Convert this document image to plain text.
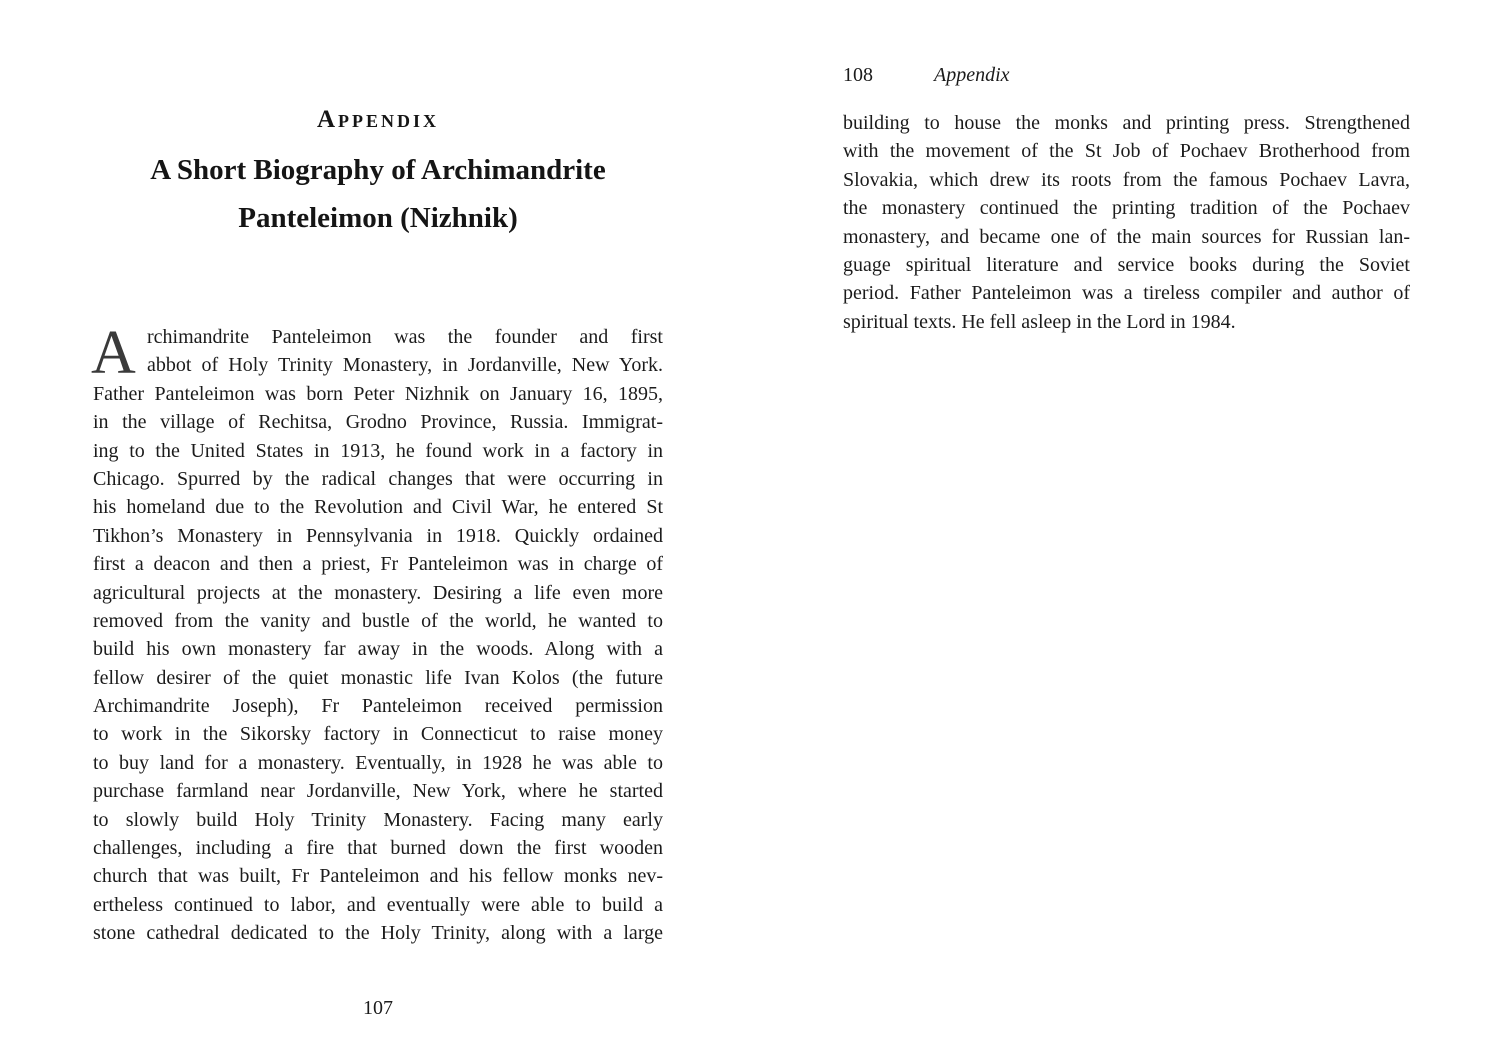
Appendix
A Short Biography of Archimandrite
Panteleimon (Nizhnik)
A rchimandrite Panteleimon was the founder and first
abbot of Holy Trinity Monastery, in Jordanville, New York.
Father Panteleimon was born Peter Nizhnik on January 16, 1895,
in the village of Rechitsa, Grodno Province, Russia. Immigrat-
ing to the United States in 1913, he found work in a factory in
Chicago. Spurred by the radical changes that were occurring in
his homeland due to the Revolution and Civil War, he entered St
Tikhon’s Monastery in Pennsylvania in 1918. Quickly ordained
first a deacon and then a priest, Fr Panteleimon was in charge of
agricultural projects at the monastery. Desiring a life even more
removed from the vanity and bustle of the world, he wanted to
build his own monastery far away in the woods. Along with a
fellow desirer of the quiet monastic life Ivan Kolos (the future
Archimandrite Joseph), Fr Panteleimon received permission
to work in the Sikorsky factory in Connecticut to raise money
to buy land for a monastery. Eventually, in 1928 he was able to
purchase farmland near Jordanville, New York, where he started
to slowly build Holy Trinity Monastery. Facing many early
challenges, including a fire that burned down the first wooden
church that was built, Fr Panteleimon and his fellow monks nev-
ertheless continued to labor, and eventually were able to build a
stone cathedral dedicated to the Holy Trinity, along with a large
107
108	Appendix
building to house the monks and printing press. Strengthened
with the movement of the St Job of Pochaev Brotherhood from
Slovakia, which drew its roots from the famous Pochaev Lavra,
the monastery continued the printing tradition of the Pochaev
monastery, and became one of the main sources for Russian lan-
guage spiritual literature and service books during the Soviet
period. Father Panteleimon was a tireless compiler and author of
spiritual texts. He fell asleep in the Lord in 1984.
